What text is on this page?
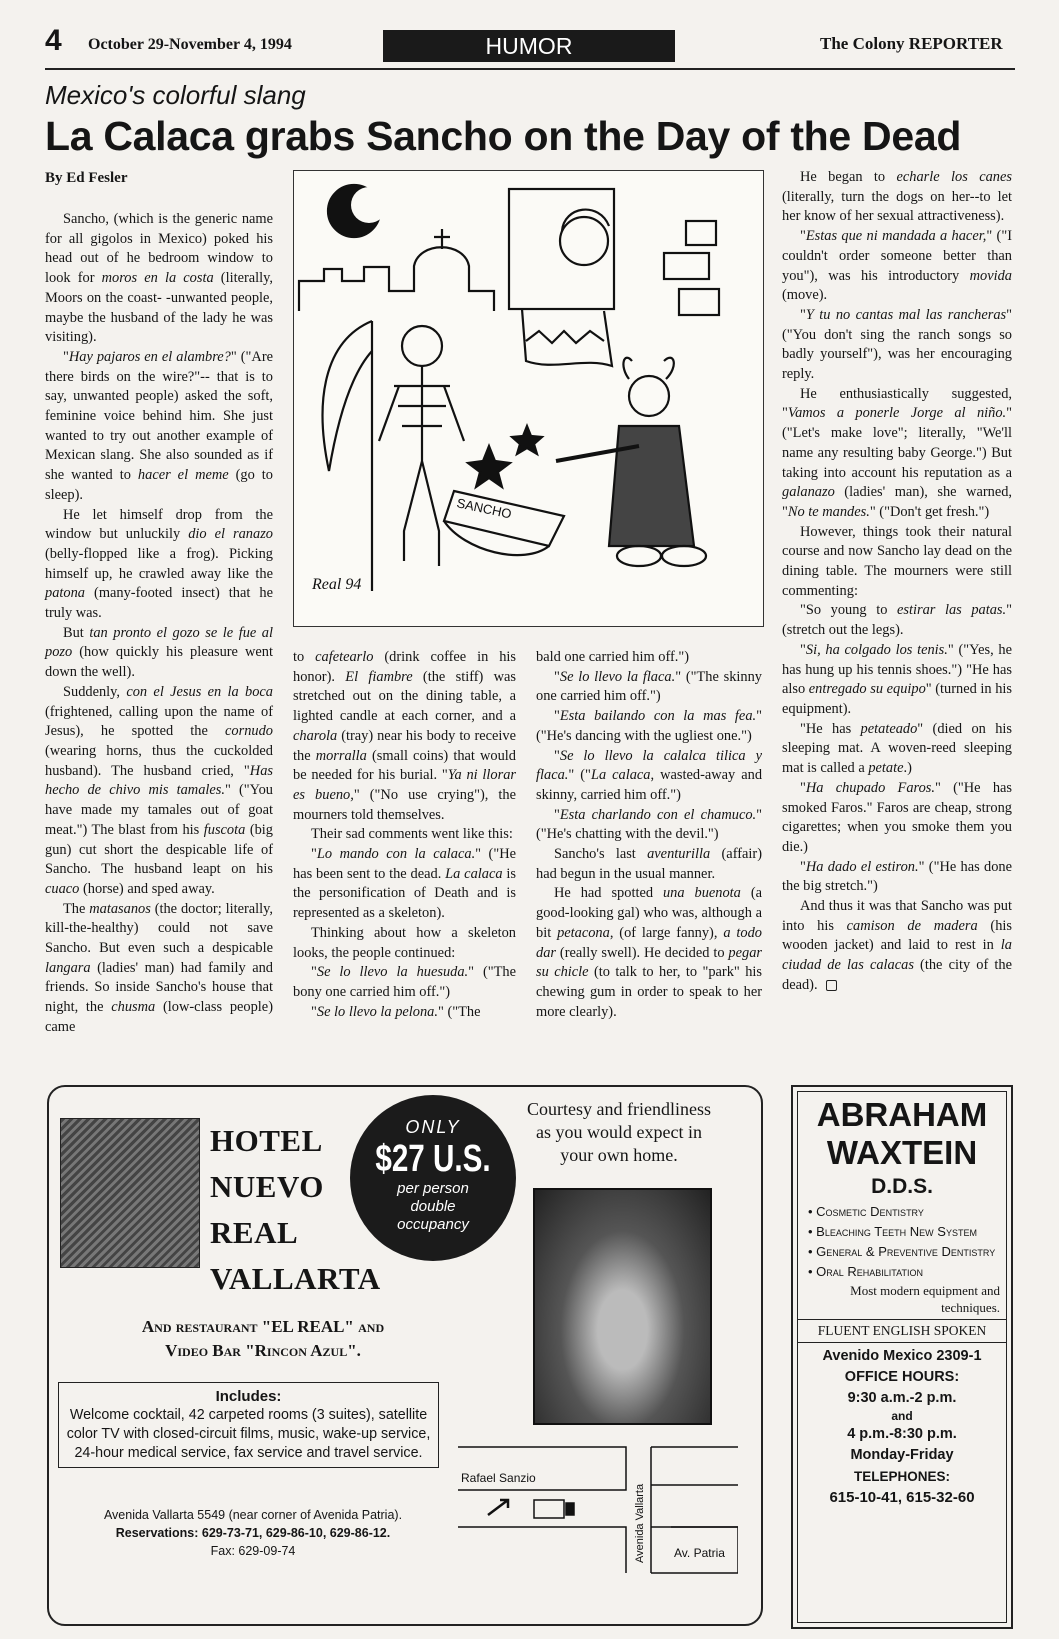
4 October 29-November 4, 1994	HUMOR	The Colony REPORTER
Mexico's colorful slang
La Calaca grabs Sancho on the Day of the Dead
By Ed Fesler

Sancho, (which is the generic name for all gigolos in Mexico) poked his head out of he bedroom window to look for moros en la costa (literally, Moors on the coast- -unwanted people, maybe the husband of the lady he was visiting).

"Hay pajaros en el alambre?" ("Are there birds on the wire?"-- that is to say, unwanted people) asked the soft, feminine voice behind him. She just wanted to try out another example of Mexican slang. She also sounded as if she wanted to hacer el meme (go to sleep).

He let himself drop from the window but unluckily dio el ranazo (belly-flopped like a frog). Picking himself up, he crawled away like the patona (many-footed insect) that he truly was.

But tan pronto el gozo se le fue al pozo (how quickly his pleasure went down the well).

Suddenly, con el Jesus en la boca (frightened, calling upon the name of Jesus), he spotted the cornudo (wearing horns, thus the cuckolded husband). The husband cried, "Has hecho de chivo mis tamales." ("You have made my tamales out of goat meat.") The blast from his fuscota (big gun) cut short the despicable life of Sancho. The husband leapt on his cuaco (horse) and sped away.

The matasanos (the doctor; literally, kill-the-healthy) could not save Sancho. But even such a despicable langara (ladies' man) had family and friends. So inside Sancho's house that night, the chusma (low-class people) came

SANCHO
Real 94

to cafetearlo (drink coffee in his honor). El fiambre (the stiff) was stretched out on the dining table, a lighted candle at each corner, and a charola (tray) near his body to receive the morralla (small coins) that would be needed for his burial. "Ya ni llorar es bueno," ("No use crying"), the mourners told themselves.

Their sad comments went like this:

"Lo mando con la calaca." ("He has been sent to the dead. La calaca is the personification of Death and is represented as a skeleton).

Thinking about how a skeleton looks, the people continued:

"Se lo llevo la huesuda." ("The bony one carried him off.")

"Se lo llevo la pelona." ("The

bald one carried him off.")

"Se lo llevo la flaca." ("The skinny one carried him off.")

"Esta bailando con la mas fea." ("He's dancing with the ugliest one.")

"Se lo llevo la calalca tilica y flaca." ("La calaca, wasted-away and skinny, carried him off.")

"Esta charlando con el chamuco." ("He's chatting with the devil.")

Sancho's last aventurilla (affair) had begun in the usual manner.

He had spotted una buenota (a good-looking gal) who was, although a bit petacona, (of large fanny), a todo dar (really swell). He decided to pegar su chicle (to talk to her, to "park" his chewing gum in order to speak to her more clearly).

He began to echarle los canes (literally, turn the dogs on her--to let her know of her sexual attractiveness).

"Estas que ni mandada a hacer," ("I couldn't order someone better than you"), was his introductory movida (move).

"Y tu no cantas mal las rancheras" ("You don't sing the ranch songs so badly yourself"), was her encouraging reply.

He enthusiastically suggested, "Vamos a ponerle Jorge al niño." ("Let's make love"; literally, "We'll name any resulting baby George.") But taking into account his reputation as a galanazo (ladies' man), she warned, "No te mandes." ("Don't get fresh.")

However, things took their natural course and now Sancho lay dead on the dining table. The mourners were still commenting:

"So young to estirar las patas." (stretch out the legs).

"Si, ha colgado los tenis." ("Yes, he has hung up his tennis shoes.") "He has also entregado su equipo" (turned in his equipment).

"He has petateado" (died on his sleeping mat. A woven-reed sleeping mat is called a petate.)

"Ha chupado Faros." ("He has smoked Faros." Faros are cheap, strong cigarettes; when you smoke them you die.)

"Ha dado el estiron." ("He has done the big stretch.")

And thus it was that Sancho was put into his camison de madera (his wooden jacket) and laid to rest in la ciudad de las calacas (the city of the dead).

HOTEL
NUEVO
REAL
VALLARTA
ONLY
$27 U.S.
per person
double
occupancy
Courtesy and friendliness as you would expect in your own home.
And restaurant "EL REAL" and
Video Bar "Rincon Azul".
Includes:
Welcome cocktail, 42 carpeted rooms (3 suites), satellite color TV with closed-circuit films, music, wake-up service, 24-hour medical service, fax service and travel service.
Avenida Vallarta 5549 (near corner of Avenida Patria).
Reservations: 629-73-71, 629-86-10, 629-86-12.
Fax: 629-09-74
Rafael Sanzio
Avenida Vallarta Av. Patria
ABRAHAM
WAXTEIN
D.D.S.
• Cosmetic Dentistry
• Bleaching Teeth New System
• General & Preventive Dentistry
• Oral Rehabilitation
Most modern equipment and techniques.
FLUENT ENGLISH SPOKEN
Avenido Mexico 2309-1
OFFICE HOURS:
9:30 a.m.-2 p.m.
and
4 p.m.-8:30 p.m.
Monday-Friday
TELEPHONES:
615-10-41, 615-32-60
